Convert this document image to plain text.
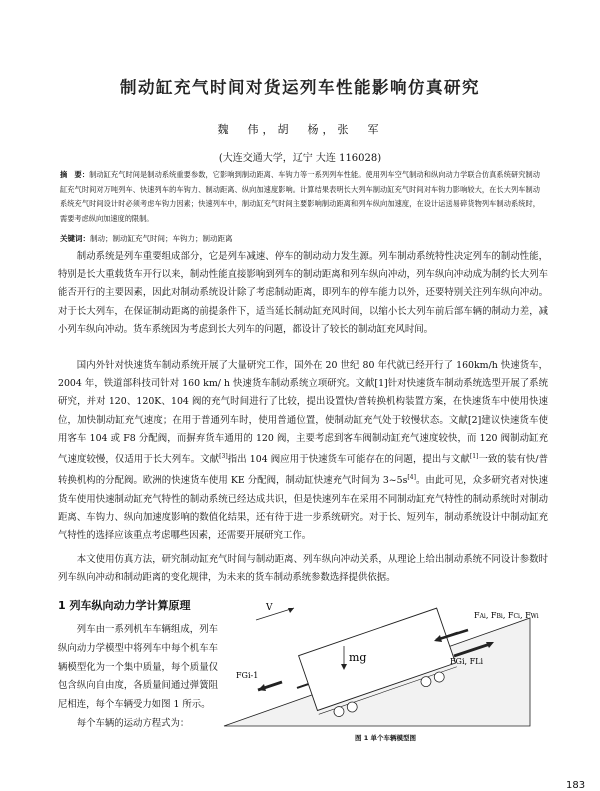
制动缸充气时间对货运列车性能影响仿真研究
魏　伟，胡　杨，张　军
(大连交通大学，辽宁 大连 116028)
摘　要：制动缸充气时间是制动系统重要参数，它影响到制动距离、车钩力等一系列列车性能。使用列车空气制动和纵向动力学联合仿真系统研究制动缸充气时间对万吨列车、快速列车的车钩力、制动距离、纵向加速度影响。计算结果表明长大列车制动缸充气时间对车钩力影响较大，在长大列车制动系统充气时间设计时必须考虑车钩力因素；快速列车中，制动缸充气时间主要影响制动距离和列车纵向加速度，在设计运送易碎货物列车制动系统时，需要考虑纵向加速度的限制。
关键词：制动；制动缸充气时间；车钩力；制动距离

制动系统是列车重要组成部分，它是列车减速、停车的制动动力发生源。列车制动系统特性决定列车的制动性能，特别是长大重载货车开行以来，制动性能直接影响到列车的制动距离和列车纵向冲动，列车纵向冲动成为制约长大列车能否开行的主要因素，因此对制动系统设计除了考虑制动距离，即列车的停车能力以外，还要特别关注列车纵向冲动。对于长大列车，在保证制动距离的前提条件下，适当延长制动缸充风时间，以缩小长大列车前后部车辆的制动力差，减小列车纵向冲动。货车系统因为考虑到长大列车的问题，都设计了较长的制动缸充风时间。

国内外针对快速货车制动系统开展了大量研究工作，国外在 20 世纪 80 年代就已经开行了 160km/h 快速货车，2004 年，铁道部科技司针对 160 km/ h 快速货车制动系统立项研究。文献[1]针对快速货车制动系统选型开展了系统研究，并对 120、120K、104 阀的充气时间进行了比较，提出设置快/普转换机构装置方案，在快速货车中使用快速位，加快制动缸充气速度；在用于普通列车时，使用普通位置，使制动缸充气处于较慢状态。文献[2]建议快速货车使用客车 104 或 F8 分配阀，而摒弃货车通用的 120 阀，主要考虑到客车阀制动缸充气速度较快，而 120 阀制动缸充气速度较慢，仅适用于长大列车。文献[3]指出 104 阀应用于快速货车可能存在的问题，提出与文献[1]一致的装有快/普转换机构的分配阀。欧洲的快速货车使用 KE 分配阀，制动缸快速充气时间为 3~5s[4]。由此可见，众多研究者对快速货车使用快速制动缸充气特性的制动系统已经达成共识，但是快速列车在采用不同制动缸充气特性的制动系统时对制动距离、车钩力、纵向加速度影响的数值化结果，还有待于进一步系统研究。对于长、短列车，制动系统设计中制动缸充气特性的选择应该重点考虑哪些因素，还需要开展研究工作。

本文使用仿真方法，研究制动缸充气时间与制动距离、列车纵向冲动关系，从理论上给出制动系统不同设计参数时列车纵向冲动和制动距离的变化规律，为未来的货车制动系统参数选择提供依据。

1 列车纵向动力学计算原理

列车由一系列机车车辆组成，列车纵向动力学模型中将列车中每个机车车辆模型化为一个集中质量，每个质量仅包含纵向自由度，各质量间通过弹簧阻尼相连，每个车辆受力如图 1 所示。

每个车辆的运动方程式为：

V
mg
FGi-1
FGi, FLi
FAi, FBi, FCi, FWi
图 1 单个车辆模型图
183
